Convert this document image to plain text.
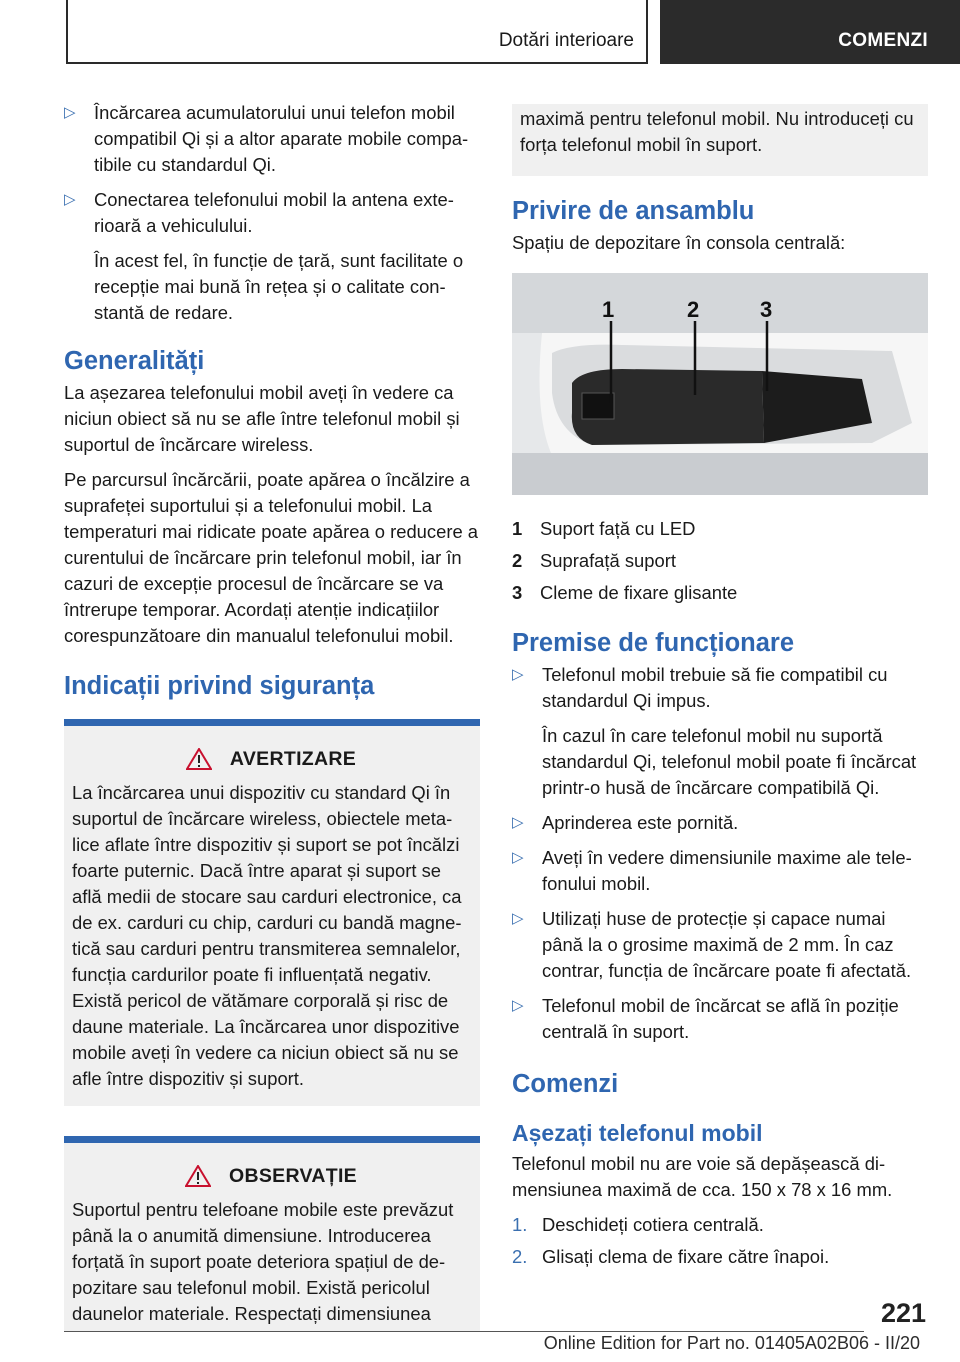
Dotări interioare	COMENZI
▷	Încărcarea acumulatorului unui telefon mobil compatibil Qi și a altor aparate mobile compa-tibile cu standardul Qi.
▷	Conectarea telefonului mobil la antena exte-rioară a vehiculului.

În acest fel, în funcție de țară, sunt facilitate o recepție mai bună în rețea și o calitate con-stantă de redare.

Generalități

La așezarea telefonului mobil aveți în vedere ca niciun obiect să nu se afle între telefonul mobil și suportul de încărcare wireless.

Pe parcursul încărcării, poate apărea o încălzire a suprafeței suportului și a telefonului mobil. La temperaturi mai ridicate poate apărea o reducere a curentului de încărcare prin telefonul mobil, iar în cazuri de excepție procesul de încărcare se va întrerupe temporar. Acordați atenție indicațiilor corespunzătoare din manualul telefonului mobil.

Indicații privind siguranța
AVERTIZARE
La încărcarea unui dispozitiv cu standard Qi în suportul de încărcare wireless, obiectele meta-lice aflate între dispozitiv și suport se pot încălzi foarte puternic. Dacă între aparat și suport se află medii de stocare sau carduri electronice, ca de ex. carduri cu chip, carduri cu bandă magne-tică sau carduri pentru transmiterea semnalelor, funcția cardurilor poate fi influențată negativ. Există pericol de vătămare corporală și risc de daune materiale. La încărcarea unor dispozitive mobile aveți în vedere ca niciun obiect să nu se afle între dispozitiv și suport.
OBSERVAȚIE
Suportul pentru telefoane mobile este prevăzut până la o anumită dimensiune. Introducerea forțată în suport poate deteriora spațiul de de-pozitare sau telefonul mobil. Există pericolul daunelor materiale. Respectați dimensiunea
maximă pentru telefonul mobil. Nu introduceți cu forța telefonul mobil în suport.
Privire de ansamblu

Spațiu de depozitare în consola centrală:

1	2	3
1 Suport față cu LED
2 Suprafață suport
3 Cleme de fixare glisante
Premise de funcționare
▷	Telefonul mobil trebuie să fie compatibil cu standardul Qi impus.

În cazul în care telefonul mobil nu suportă standardul Qi, telefonul mobil poate fi încărcat printr-o husă de încărcare compatibilă Qi.

▷	Aprinderea este pornită.
▷	Aveți în vedere dimensiunile maxime ale tele-fonului mobil.
▷	Utilizați huse de protecție și capace numai până la o grosime maximă de 2 mm. În caz contrar, funcția de încărcare poate fi afectată.
▷	Telefonul mobil de încărcat se află în poziție centrală în suport.
Comenzi
Așezați telefonul mobil

Telefonul mobil nu are voie să depășească di-mensiunea maximă de cca. 150 x 78 x 16 mm.

1. Deschideți cotiera centrală.
2. Glisați clema de fixare către înapoi.
221
Online Edition for Part no. 01405A02B06 - II/20
